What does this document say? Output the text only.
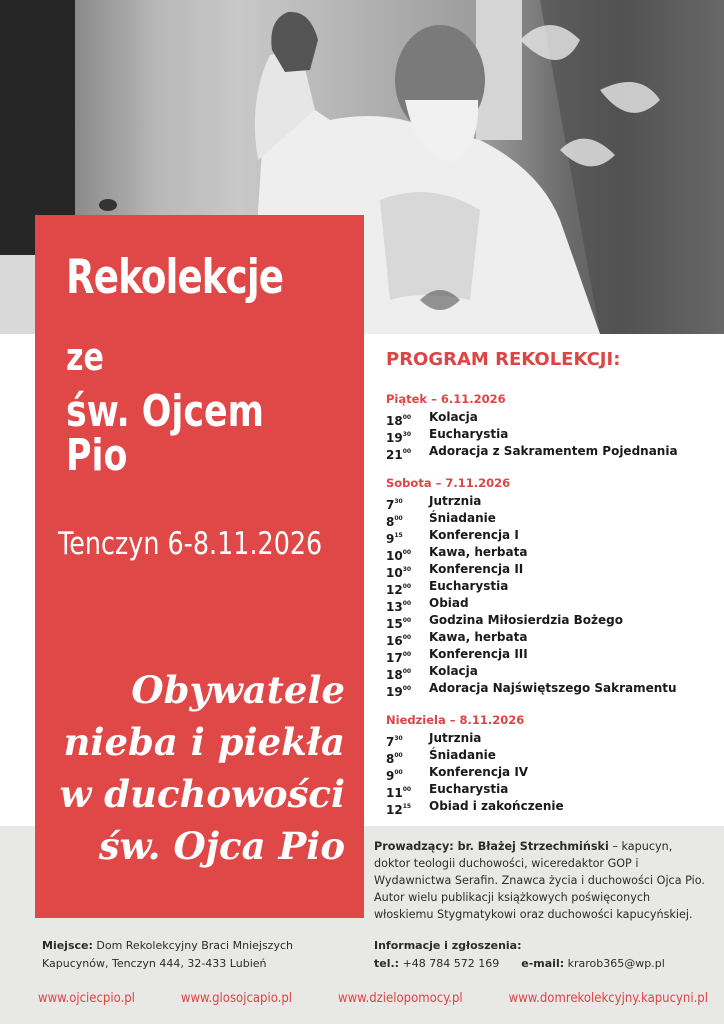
Rekolekcje
ze
św. Ojcem Pio
Tenczyn 6-8.11.2026
Obywatele
nieba i piekła
w duchowości
św. Ojca Pio
PROGRAM REKOLEKCJI:
Piątek – 6.11.2026
$18^{00}$	Kolacja
$19^{30}$	Eucharystia
$21^{00}$	Adoracja z Sakramentem Pojednania
Sobota – 7.11.2026
$7^{30}$	Jutrznia
$8^{00}$	Śniadanie
$9^{15}$	Konferencja I
$10^{00}$	Kawa, herbata
$10^{30}$	Konferencja II
$12^{00}$	Eucharystia
$13^{00}$	Obiad
$15^{00}$	Godzina Miłosierdzia Bożego
$16^{00}$	Kawa, herbata
$17^{00}$	Konferencja III
$18^{00}$	Kolacja
$19^{00}$	Adoracja Najświętszego Sakramentu
Niedziela – 8.11.2026
$7^{30}$	Jutrznia
$8^{00}$	Śniadanie
$9^{00}$	Konferencja IV
$11^{00}$	Eucharystia
$12^{15}$	Obiad i zakończenie
Prowadzący: br. Błażej Strzechmiński – kapucyn, doktor teologii duchowości, wiceredaktor GOP i Wydawnictwa Serafin. Znawca życia i duchowości Ojca Pio. Autor wielu publikacji książkowych poświęconych włoskiemu Stygmatykowi oraz duchowości kapucyńskiej.
Miejsce: Dom Rekolekcyjny Braci Mniejszych
Kapucynów, Tenczyn 444, 32-433 Lubień
Informacje i zgłoszenia:
tel.: +48 784 572 169 e-mail: krarob365@wp.pl
www.ojciecpio.pl	www.glosojcapio.pl	www.dzielopomocy.pl	www.domrekolekcyjny.kapucyni.pl
